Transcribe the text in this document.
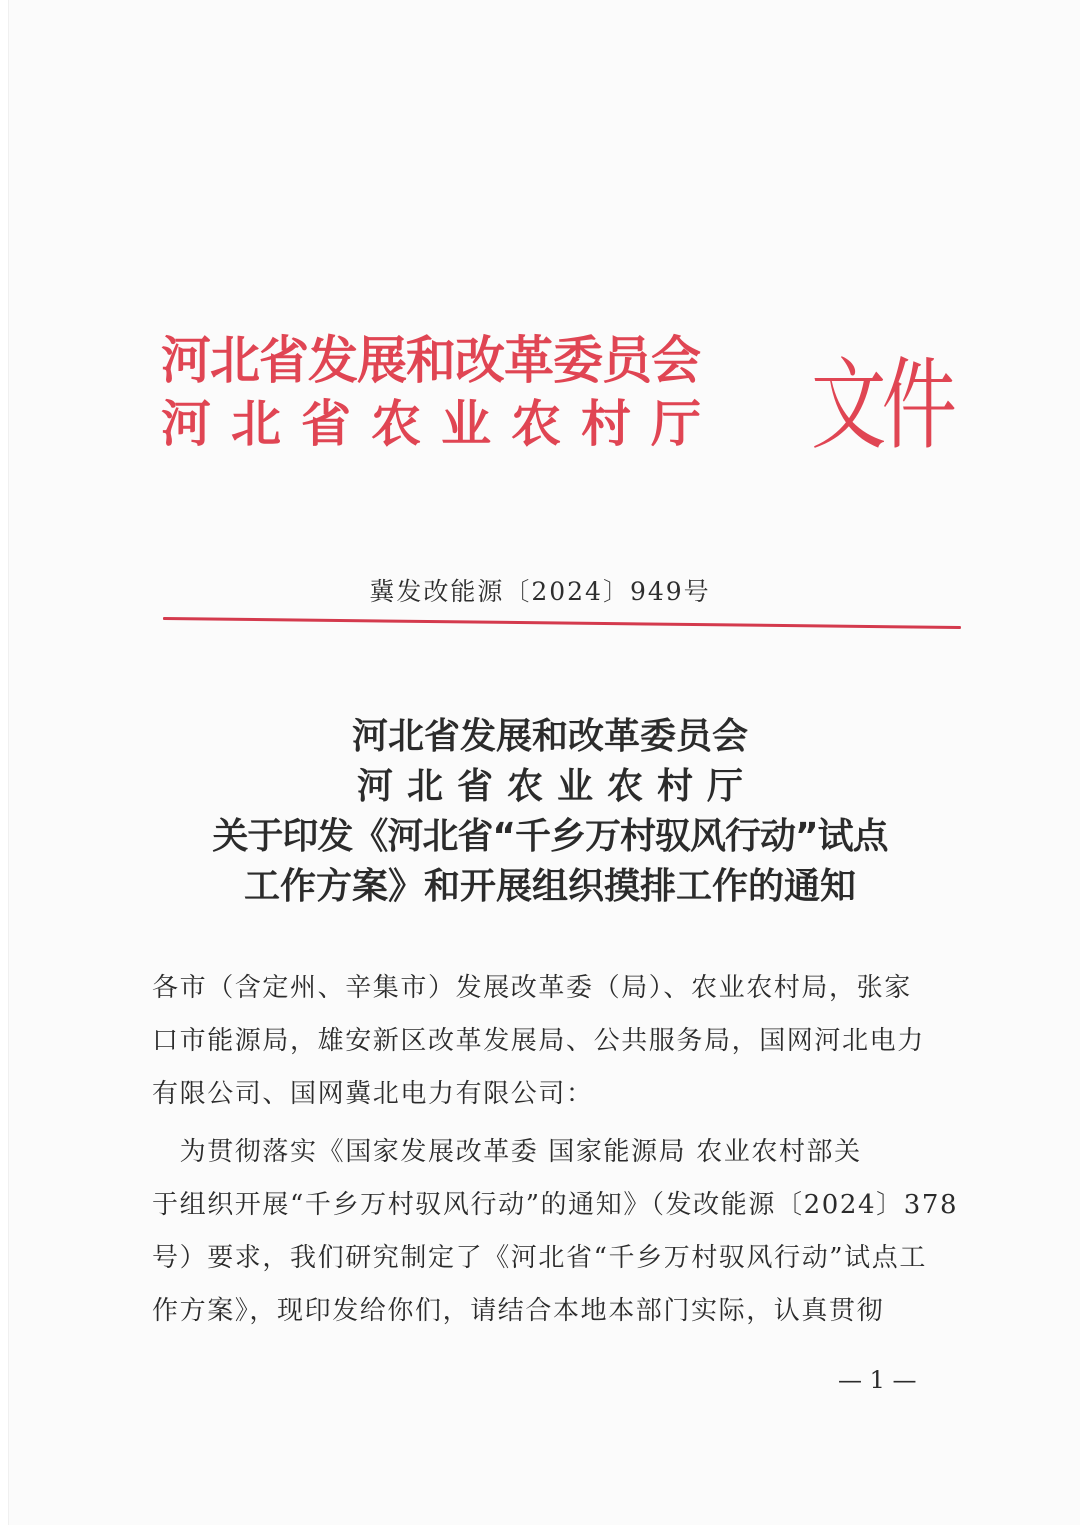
河北省发展和改革委员会
河北省农业农村厅 文件
冀发改能源〔2024〕949号
河北省发展和改革委员会
河北省农业农村厅
关于印发《河北省“千乡万村驭风行动”试点
工作方案》和开展组织摸排工作的通知
各市（含定州、辛集市）发展改革委（局）、农业农村局，张家
口市能源局，雄安新区改革发展局、公共服务局，国网河北电力
有限公司、国网冀北电力有限公司：
　为贯彻落实《国家发展改革委 国家能源局 农业农村部关
于组织开展“千乡万村驭风行动”的通知》（发改能源〔2024〕378
号）要求，我们研究制定了《河北省“千乡万村驭风行动”试点工
作方案》，现印发给你们，请结合本地本部门实际，认真贯彻
— 1 —
